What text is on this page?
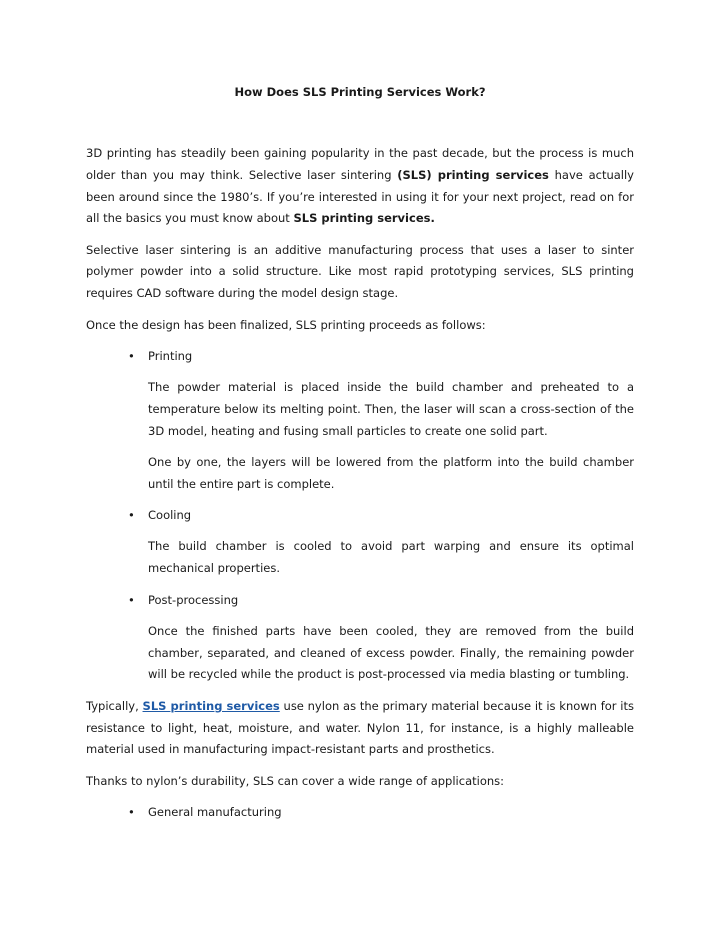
How Does SLS Printing Services Work?

3D printing has steadily been gaining popularity in the past decade, but the process is much older than you may think. Selective laser sintering (SLS) printing services have actually been around since the 1980’s. If you’re interested in using it for your next project, read on for all the basics you must know about SLS printing services.

Selective laser sintering is an additive manufacturing process that uses a laser to sinter polymer powder into a solid structure. Like most rapid prototyping services, SLS printing requires CAD software during the model design stage.

Once the design has been finalized, SLS printing proceeds as follows:

• Printing

The powder material is placed inside the build chamber and preheated to a temperature below its melting point. Then, the laser will scan a cross-section of the 3D model, heating and fusing small particles to create one solid part.

One by one, the layers will be lowered from the platform into the build chamber until the entire part is complete.

• Cooling

The build chamber is cooled to avoid part warping and ensure its optimal mechanical properties.

• Post-processing

Once the finished parts have been cooled, they are removed from the build chamber, separated, and cleaned of excess powder. Finally, the remaining powder will be recycled while the product is post-processed via media blasting or tumbling.

Typically, SLS printing services use nylon as the primary material because it is known for its resistance to light, heat, moisture, and water. Nylon 11, for instance, is a highly malleable material used in manufacturing impact-resistant parts and prosthetics.

Thanks to nylon’s durability, SLS can cover a wide range of applications:

• General manufacturing
